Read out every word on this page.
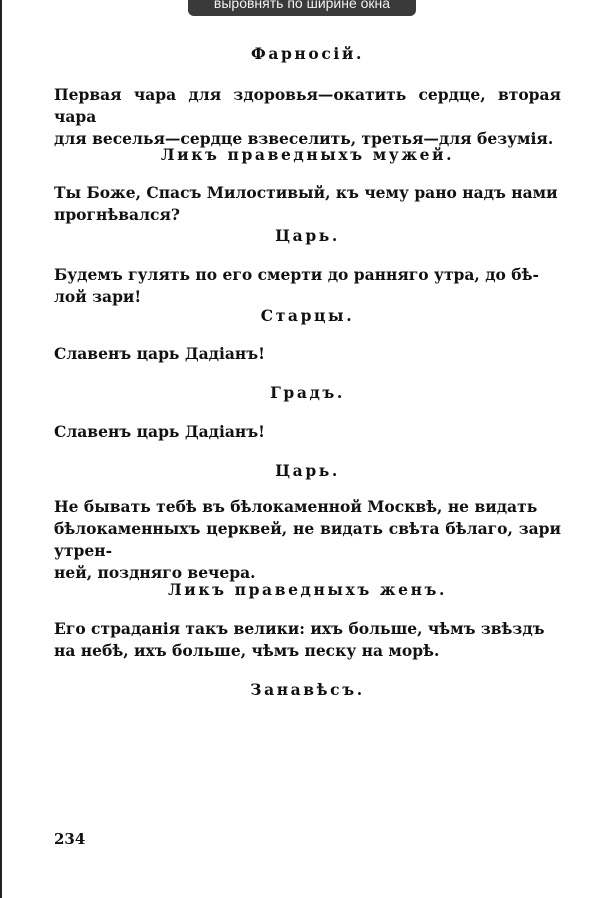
выровнять по ширине окна
Фарносій.
Первая чара для здоровья—окатить сердце, вторая чара
для веселья—сердце взвеселить, третья—для безумія.
Ликъ праведныхъ мужей.
Ты Боже, Спасъ Милостивый, къ чему рано надъ нами
прогнѣвался?
Царь.
Будемъ гулять по его смерти до ранняго утра, до бѣ-
лой зари!
Старцы.
Славенъ царь Дадіанъ!
Градъ.
Славенъ царь Дадіанъ!
Царь.
Не бывать тебѣ въ бѣлокаменной Москвѣ, не видать
бѣлокаменныхъ церквей, не видать свѣта бѣлаго, зари утрен-
ней, поздняго вечера.
Ликъ праведныхъ женъ.
Его страданія такъ велики: ихъ больше, чѣмъ звѣздъ
на небѣ, ихъ больше, чѣмъ песку на морѣ.
Занавѣсъ.
234
